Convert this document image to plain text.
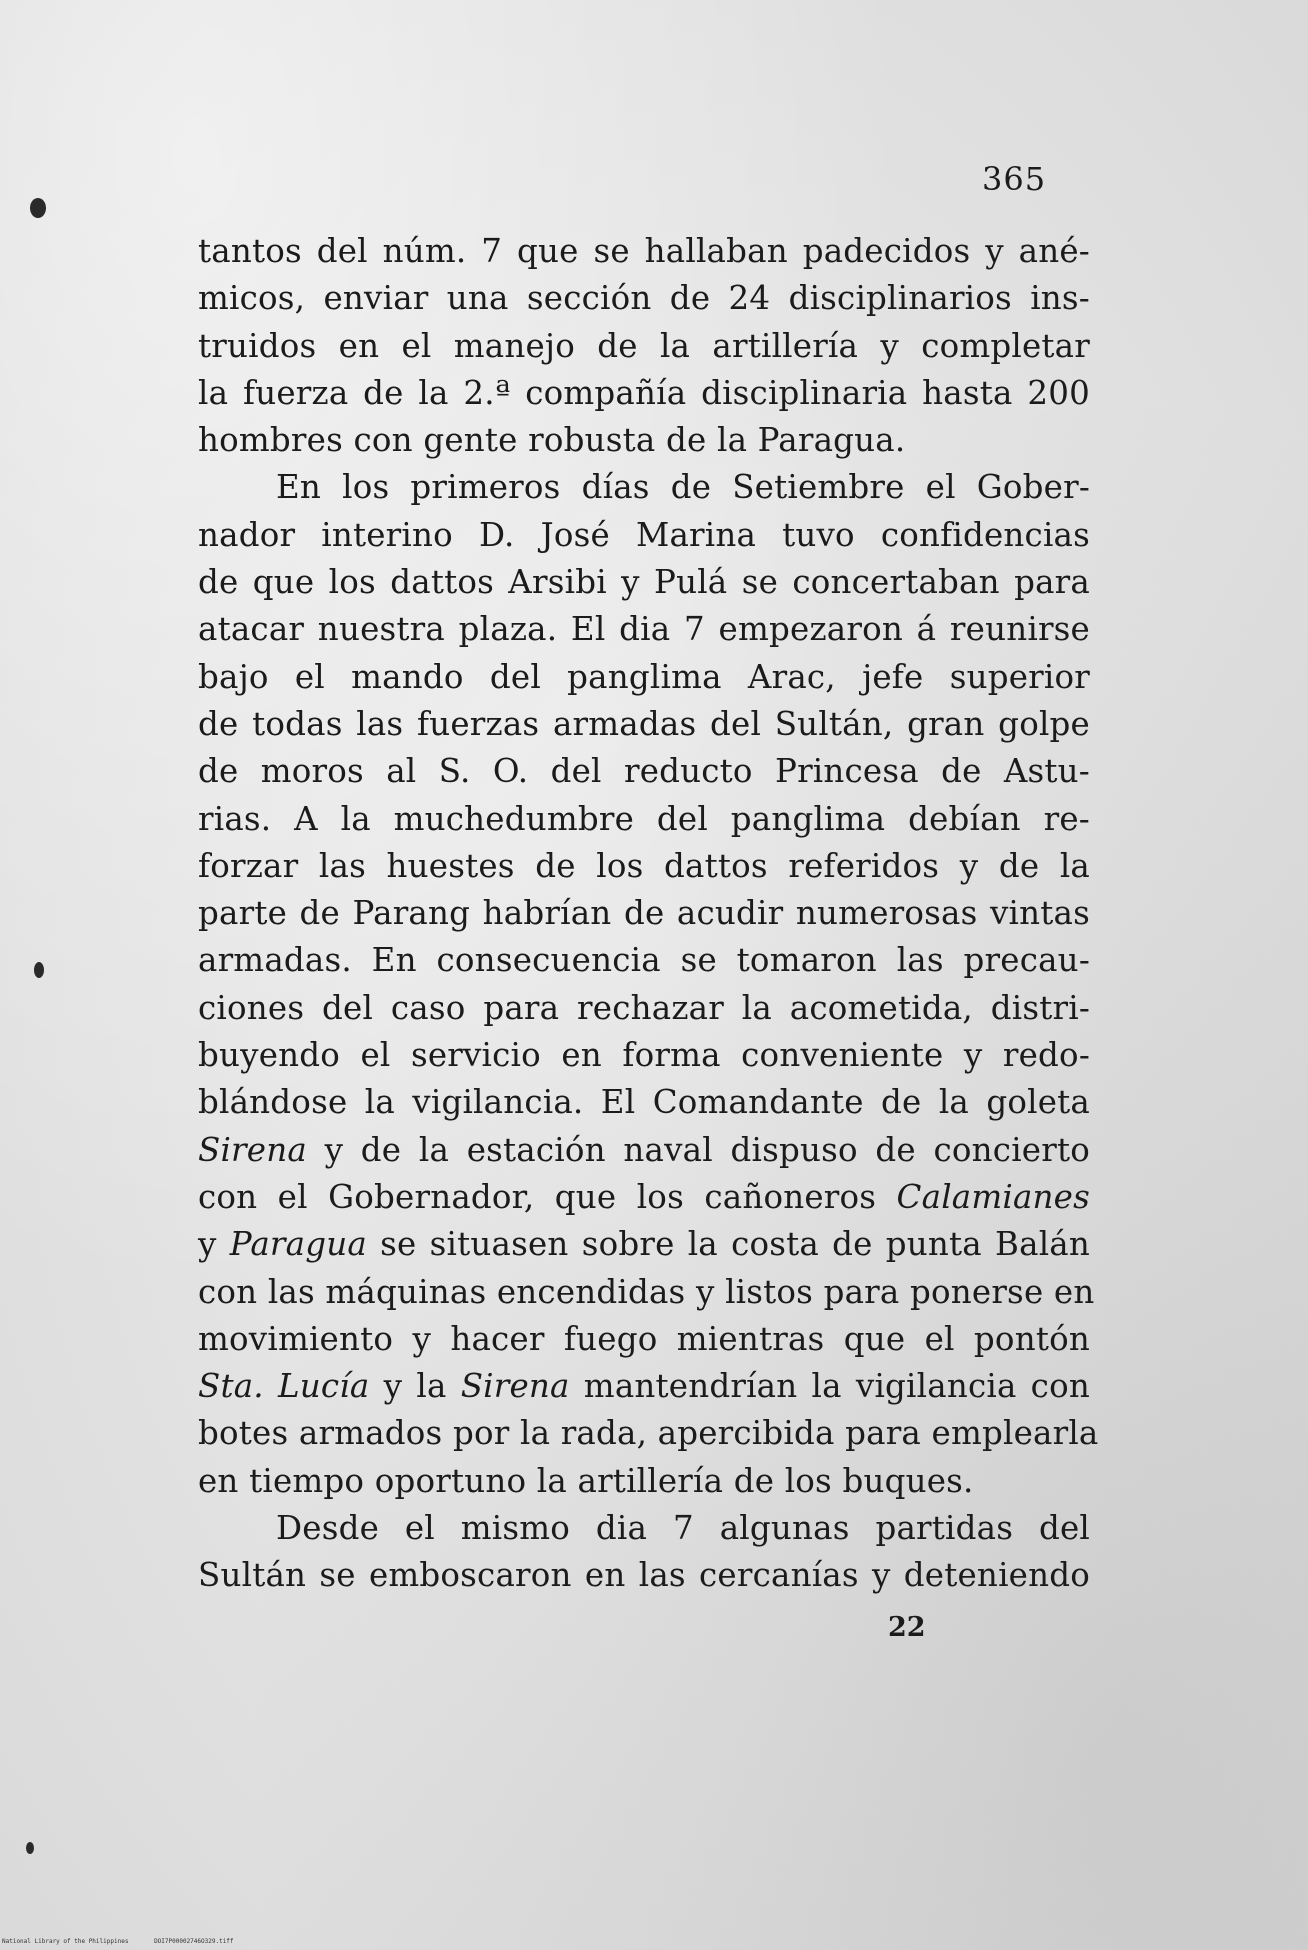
365
tantos del núm. 7 que se hallaban padecidos y ané-
micos, enviar una sección de 24 disciplinarios ins-
truidos en el manejo de la artillería y completar
la fuerza de la 2.ª compañía disciplinaria hasta 200
hombres con gente robusta de la Paragua.
En los primeros días de Setiembre el Gober-
nador interino D. José Marina tuvo confidencias
de que los dattos Arsibi y Pulá se concertaban para
atacar nuestra plaza. El dia 7 empezaron á reunirse
bajo el mando del panglima Arac, jefe superior
de todas las fuerzas armadas del Sultán, gran golpe
de moros al S. O. del reducto Princesa de Astu-
rias. A la muchedumbre del panglima debían re-
forzar las huestes de los dattos referidos y de la
parte de Parang habrían de acudir numerosas vintas
armadas. En consecuencia se tomaron las precau-
ciones del caso para rechazar la acometida, distri-
buyendo el servicio en forma conveniente y redo-
blándose la vigilancia. El Comandante de la goleta
Sirena y de la estación naval dispuso de concierto
con el Gobernador, que los cañoneros Calamianes
y Paragua se situasen sobre la costa de punta Balán
con las máquinas encendidas y listos para ponerse en
movimiento y hacer fuego mientras que el pontón
Sta. Lucía y la Sirena mantendrían la vigilancia con
botes armados por la rada, apercibida para emplearla
en tiempo oportuno la artillería de los buques.
Desde el mismo dia 7 algunas partidas del
Sultán se emboscaron en las cercanías y deteniendo
22
National Library of the Philippines	DOI7P00002746O329.tiff
